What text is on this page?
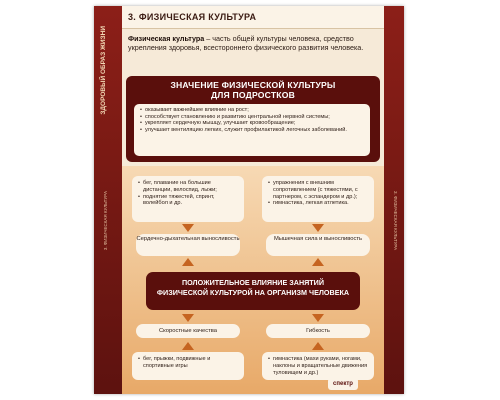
ЗДОРОВЫЙ ОБРАЗ ЖИЗНИ
3. ФИЗИЧЕСКАЯ КУЛЬТУРА
3. ФИЗИЧЕСКАЯ КУЛЬТУРА
Физическая культура – часть общей культуры человека, средство укрепления здоровья, всестороннего физического развития человека.
ЗНАЧЕНИЕ ФИЗИЧЕСКОЙ КУЛЬТУРЫ
ДЛЯ ПОДРОСТКОВ
• оказывает важнейшее влияние на рост;
• способствует становлению и развитию центральной нервной системы;
• укрепляет сердечную мышцу, улучшает кровообращение;
• улучшает вентиляцию легких, служит профилактикой легочных заболеваний.
• бег, плавание на большие дистанции, велоспид, лыжи;
• поднятие тяжестей, спринт, волейбол и др.
• упражнения с внешним сопротивлением (с тяжестями, с партнером, с эспандером и др.);
• гимнастика, легкая атлетика.
Сердечно-дыхательная выносливость	Мышечная сила и выносливость
Скоростные качества	Гибкость
• бег, прыжки, подвижные и спортивные игры
• гимнастика (махи руками, ногами, наклоны и вращательные движения туловищем и др.)
ПОЛОЖИТЕЛЬНОЕ ВЛИЯНИЕ ЗАНЯТИЙ
ФИЗИЧЕСКОЙ КУЛЬТУРОЙ НА ОРГАНИЗМ ЧЕЛОВЕКА
спектр
3. ФИЗИЧЕСКАЯ КУЛЬТУРА
